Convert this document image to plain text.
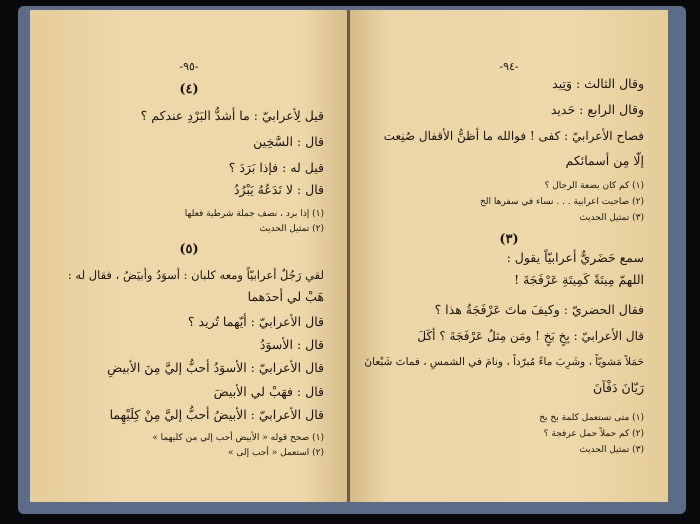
-٩٥-
(٤)
قيل لِأعرابيّ : ما أشدُّ البَرْدِ عندكم ؟
قال : السَّخِين
قيل له : فإذا بَرَدَ ؟
قال : لا نَدَعُهُ يَبْرُدُ
(١) إذا برد ، نصف جملة شرطية فعلها
(٢) تمثيل الحديث
(٥)
لقي رَجُلٌ أعرابيّاً ومعه كلبان : أسوَدُ وأبيَضُ ، فقال له :
هَبْ لي أحدَهما
قال الأعرابيّ : أيّهما تُريد ؟
قال : الأسوَدُ
قال الأعرابيّ : الأسوَدُ أحبُّ إليَّ مِنَ الأبيضِ
قال : فهَبْ لي الأبيضَ
قال الأعرابيّ : الأبيضُ أحبُّ إليَّ مِنْ كِلَيْهِما
(١) صحح قوله « الأبيض أحب إلي من كليهما »
(٢) استعمل « أحب إلى »
-٩٤-
وقال الثالث : وَتِيد
وقال الرابع : حَديد
فصاح الأعرابيّ : كفى ! فوالله ما أظنُّ الأقفال صُنِعت
إلّا مِن أسمائكم
(١) كم كان بضعة الرجال ؟
(٢) صاحبت اعرابية . . . نساء في سفرها الخ
(٣) تمثيل الحديث
(٣)
سمع حَضَريٌّ أعرابيّاً يقول :
اللهمّ مِيتَةً كَمِيتَةِ عَرْفَجَةَ !
فقال الحضريّ : وكيفَ ماتَ عَرْفَجَةُ هذا ؟
قال الأعرابيّ : بِخٍ بَخٍ ! ومَن مِثلُ عَرْفَجَةَ ؟ أكَلَ
حَمَلاً مَشويّاً ، وشَرِبَ ماءً مُبرّداً ، ونامَ في الشمسِ ، فماتَ شَبْعانَ
رَيّانَ دَفْآنَ
(١) متى تستعمل كلمة بخ بخ
(٢) كم حملاً حمل عرفجة ؟
(٣) تمثيل الحديث
